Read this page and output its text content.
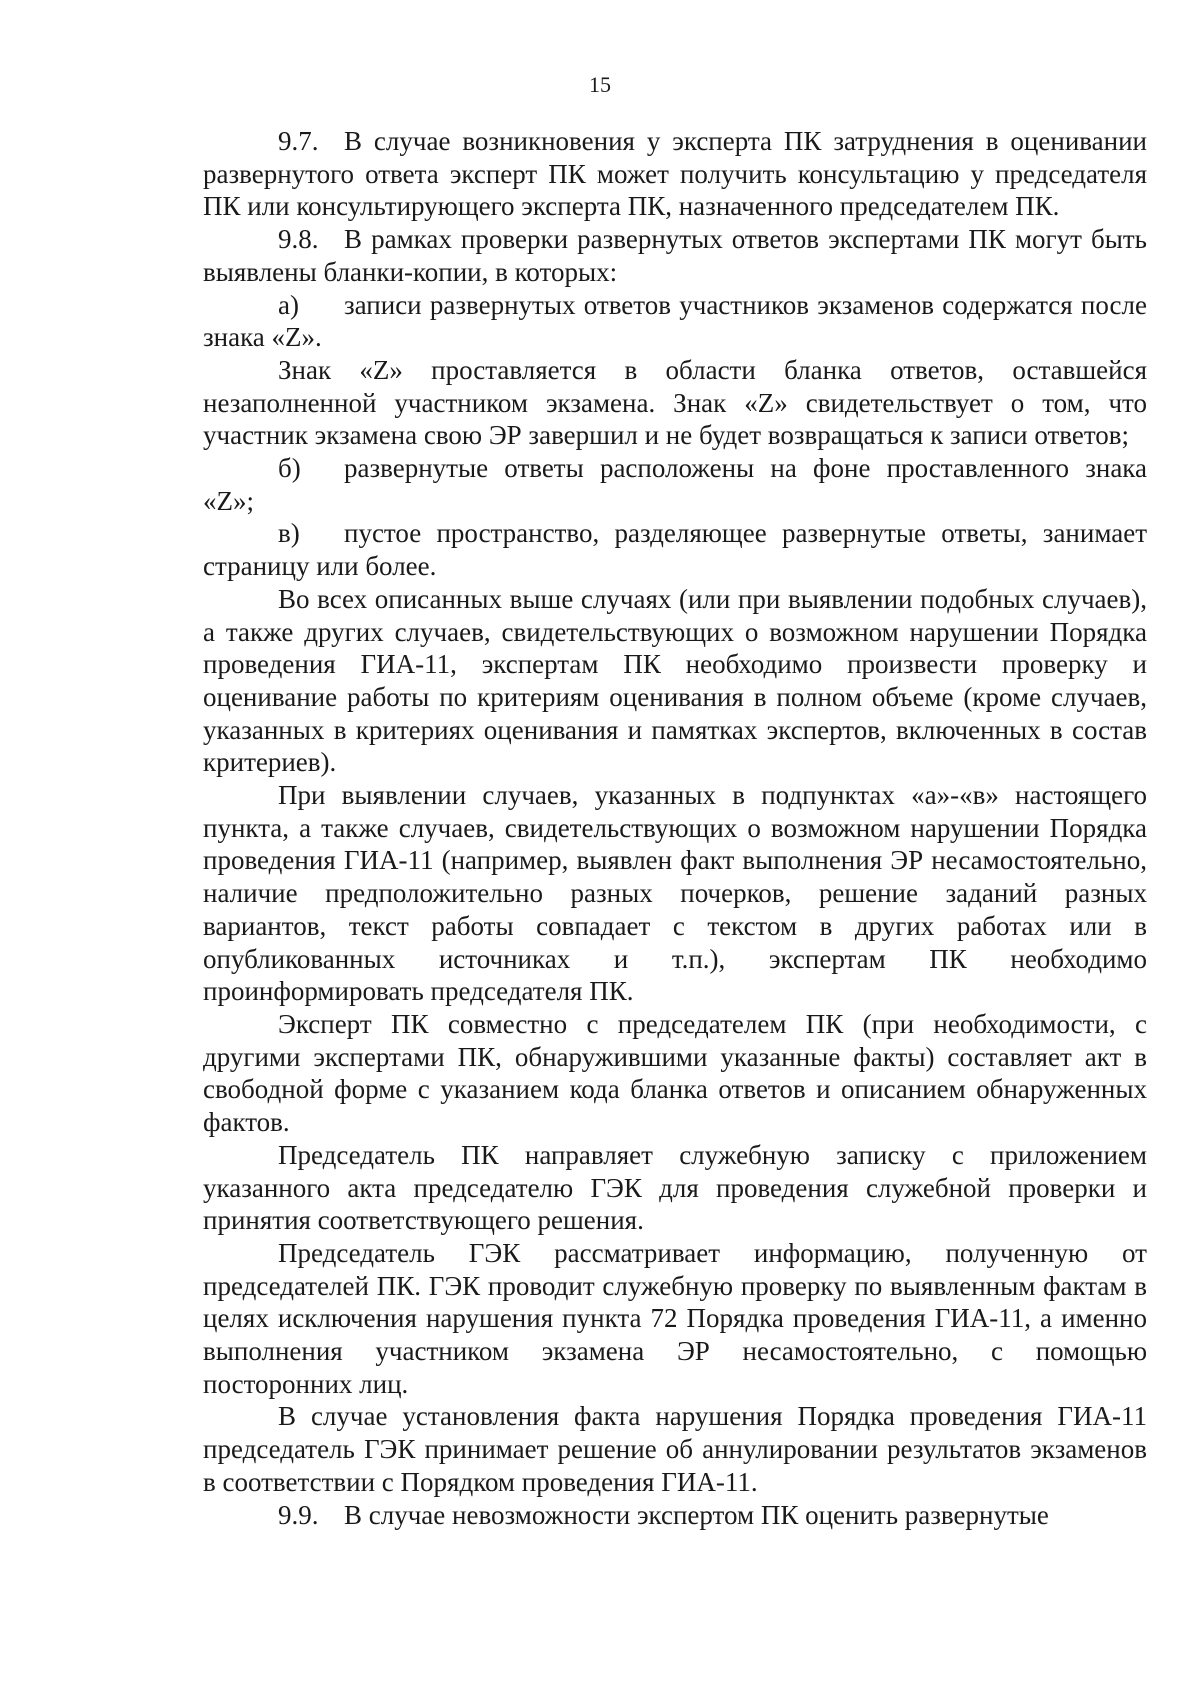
15

9.7. В случае возникновения у эксперта ПК затруднения в оценивании развернутого ответа эксперт ПК может получить консультацию у председателя ПК или консультирующего эксперта ПК, назначенного председателем ПК.

9.8. В рамках проверки развернутых ответов экспертами ПК могут быть выявлены бланки-копии, в которых:

а) записи развернутых ответов участников экзаменов содержатся после знака «Z».

Знак «Z» проставляется в области бланка ответов, оставшейся незаполненной участником экзамена. Знак «Z» свидетельствует о том, что участник экзамена свою ЭР завершил и не будет возвращаться к записи ответов;

б) развернутые ответы расположены на фоне проставленного знака «Z»;

в) пустое пространство, разделяющее развернутые ответы, занимает страницу или более.

Во всех описанных выше случаях (или при выявлении подобных случаев), а также других случаев, свидетельствующих о возможном нарушении Порядка проведения ГИА-11, экспертам ПК необходимо произвести проверку и оценивание работы по критериям оценивания в полном объеме (кроме случаев, указанных в критериях оценивания и памятках экспертов, включенных в состав критериев).

При выявлении случаев, указанных в подпунктах «а»-«в» настоящего пункта, а также случаев, свидетельствующих о возможном нарушении Порядка проведения ГИА-11 (например, выявлен факт выполнения ЭР несамостоятельно, наличие предположительно разных почерков, решение заданий разных вариантов, текст работы совпадает с текстом в других работах или в опубликованных источниках и т.п.), экспертам ПК необходимо проинформировать председателя ПК.

Эксперт ПК совместно с председателем ПК (при необходимости, с другими экспертами ПК, обнаружившими указанные факты) составляет акт в свободной форме с указанием кода бланка ответов и описанием обнаруженных фактов.

Председатель ПК направляет служебную записку с приложением указанного акта председателю ГЭК для проведения служебной проверки и принятия соответствующего решения.

Председатель ГЭК рассматривает информацию, полученную от председателей ПК. ГЭК проводит служебную проверку по выявленным фактам в целях исключения нарушения пункта 72 Порядка проведения ГИА-11, а именно выполнения участником экзамена ЭР несамостоятельно, с помощью посторонних лиц.

В случае установления факта нарушения Порядка проведения ГИА-11 председатель ГЭК принимает решение об аннулировании результатов экзаменов в соответствии с Порядком проведения ГИА-11.

9.9. В случае невозможности экспертом ПК оценить развернутые
